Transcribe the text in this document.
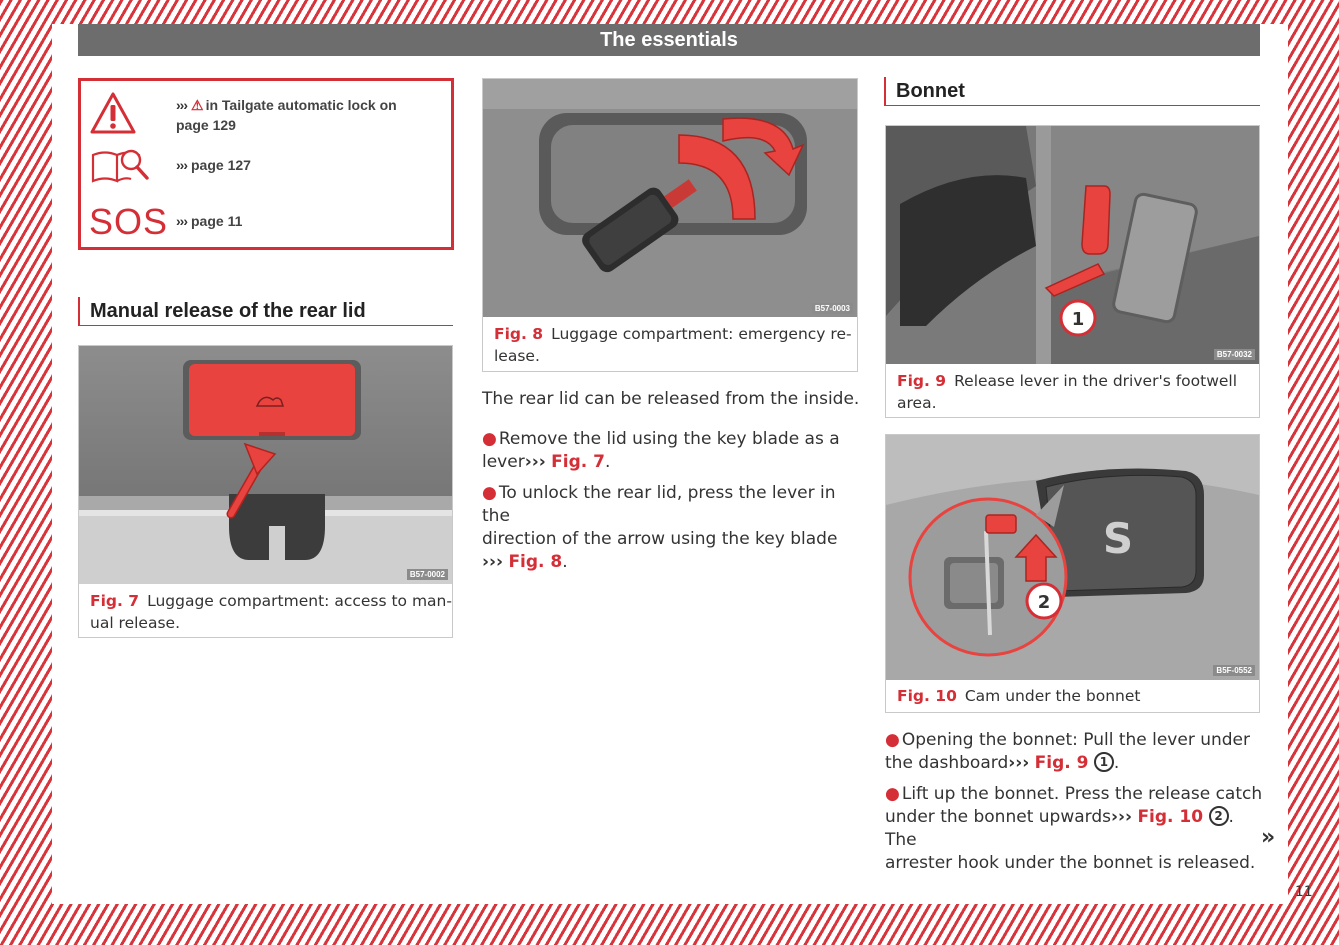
The essentials
››› ⚠ in Tailgate automatic lock on
page 129
››› page 127
SOS ››› page 11
Manual release of the rear lid
B57-0002
Fig. 7 Luggage compartment: access to man-
ual release.
B57-0003
Fig. 8 Luggage compartment: emergency re-
lease.
The rear lid can be released from the inside.
● Remove the lid using the key blade as a
lever››› Fig. 7.
● To unlock the rear lid, press the lever in the
direction of the arrow using the key blade
››› Fig. 8.
Bonnet
1
B57-0032
Fig. 9 Release lever in the driver's footwell
area.
S
2
B5F-0552
Fig. 10 Cam under the bonnet
● Opening the bonnet: Pull the lever under
the dashboard››› Fig. 9 1 .
● Lift up the bonnet. Press the release catch
under the bonnet upwards››› Fig. 10 2 . The
arrester hook under the bonnet is released.
»
11
